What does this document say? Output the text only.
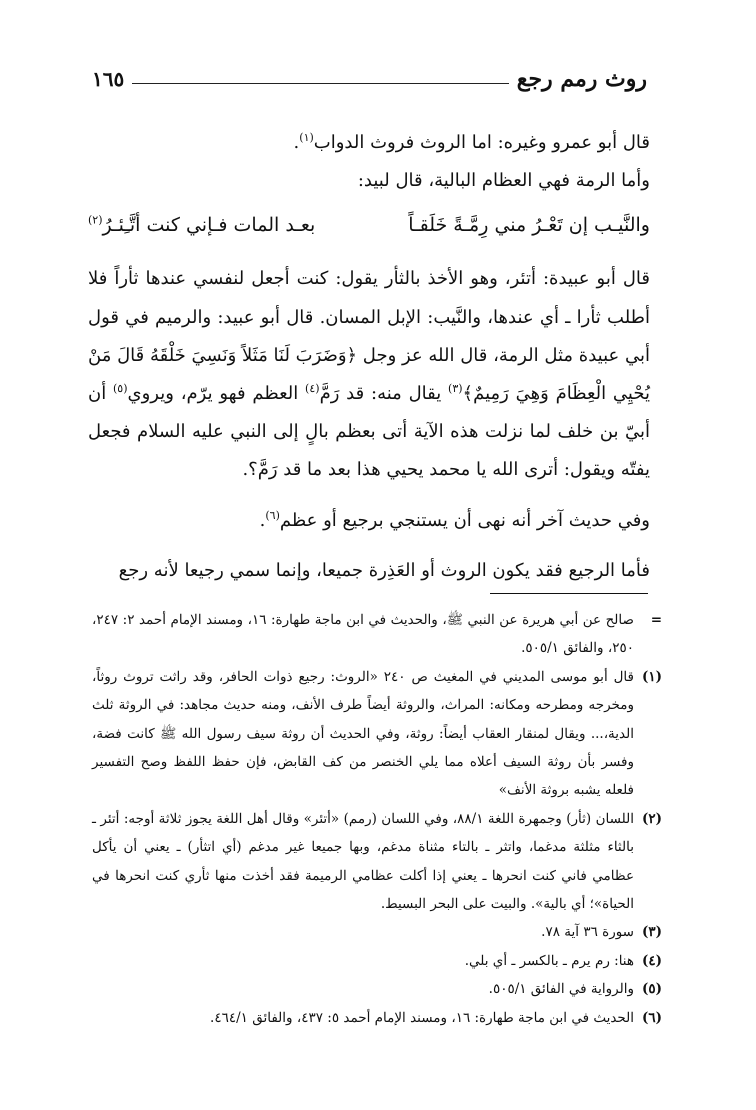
روث رمم رجع
١٦٥

قال أبو عمرو وغيره: اما الروث فروث الدواب$^{(١)}$.

وأما الرمة فهي العظام البالية، قال لبيد:

والنَّيـب إن تَعْـرُ مني رِمَّـةً خَلَقـاً
بعـد المات فـإني كنت أتَّـِئـرُ$^{(٢)}$

قال أبو عبيدة: أتئر، وهو الأخذ بالثأر يقول: كنت أجعل لنفسي عندها ثأراً فلا أطلب ثأرا ـ أي عندها، والنَّيب: الإبل المسان. قال أبو عبيد: والرميم في قول أبي عبيدة مثل الرمة، قال الله عز وجل ﴿وَضَرَبَ لَنَا مَثَلاً وَنَسِيَ خَلْقَهُ قَالَ مَنْ يُحْيِي الْعِظَامَ وَهِيَ رَمِيمٌ﴾$^{(٣)}$ يقال منه: قد رَمَّ$^{(٤)}$ العظم فهو يرّم، ويروي$^{(٥)}$ أن أبيّ بن خلف لما نزلت هذه الآية أتى بعظم بالٍ إلى النبي عليه السلام فجعل يفتّه ويقول: أترى الله يا محمد يحيي هذا بعد ما قد رَمَّ؟.

وفي حديث آخر أنه نهى أن يستنجي برجيع أو عظم$^{(٦)}$.

فأما الرجيع فقد يكون الروث أو العَذِرة جميعا، وإنما سمي رجيعا لأنه رجع

=
صالح عن أبي هريرة عن النبي ﷺ، والحديث في ابن ماجة طهارة: ١٦، ومسند الإمام أحمد ٢: ٢٤٧، ٢٥٠، والفائق ٥٠٥/١.
(١)
قال أبو موسى المديني في المغيث ص ٢٤٠ «الروث: رجيع ذوات الحافر، وقد راثت تروث روثاً، ومخرجه ومطرحه ومكانه: المراث، والروثة أيضاً طرف الأنف، ومنه حديث مجاهد: في الروثة ثلث الدية،... ويقال لمنقار العقاب أيضاً: روثة، وفي الحديث أن روثة سيف رسول الله ﷺ كانت فضة، وفسر بأن روثة السيف أعلاه مما يلي الخنصر من كف القابض، فإن حفظ اللفظ وصح التفسير فلعله يشبه بروثة الأنف»
(٢)
اللسان (ثأر) وجمهرة اللغة ٨٨/١، وفي اللسان (رمم) «أتئر» وقال أهل اللغة يجوز ثلاثة أوجه: أتئر ـ بالثاء مثلثة مدغما، واتثر ـ بالتاء مثناة مدغم، وبها جميعا غير مدغم (أي اتثأر) ـ يعني أن يأكل عظامي فاني كنت انحرها ـ يعني إذا أكلت عظامي الرميمة فقد أخذت منها ثأري كنت انحرها في الحياة»؛ أي بالية». والبيت على البحر البسيط.
(٣)
سورة ٣٦ آية ٧٨.
(٤)
هنا: رم يرم ـ بالكسر ـ أي بلي.
(٥)
والرواية في الفائق ٥٠٥/١.
(٦)
الحديث في ابن ماجة طهارة: ١٦، ومسند الإمام أحمد ٥: ٤٣٧، والفائق ٤٦٤/١.
